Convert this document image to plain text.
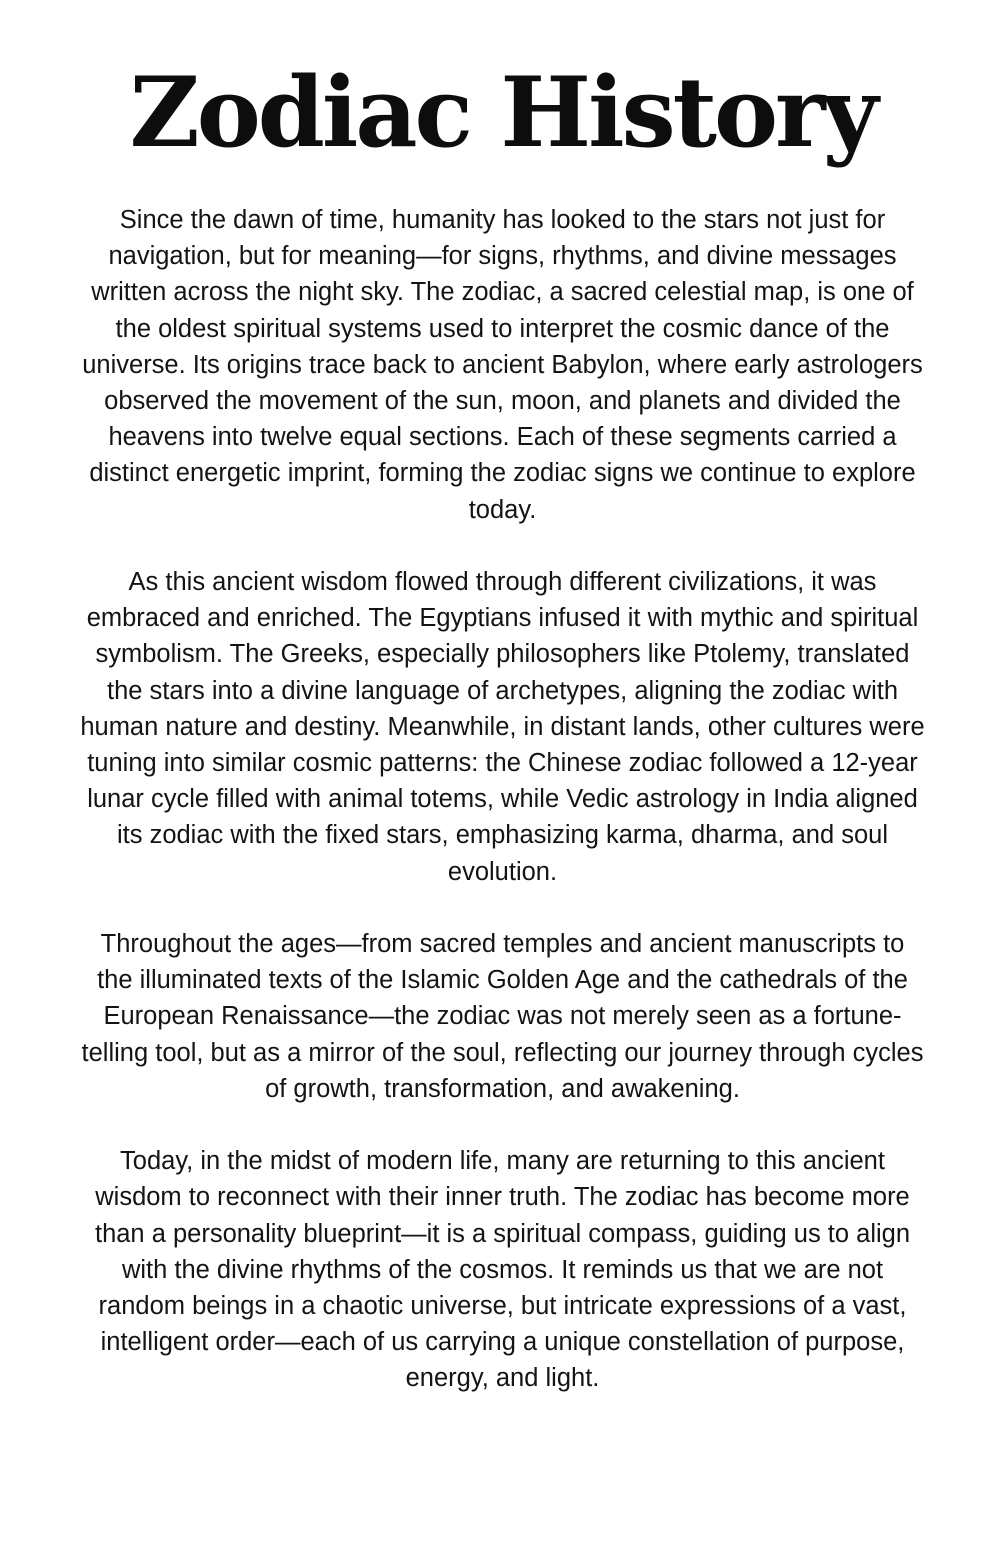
Zodiac History

Since the dawn of time, humanity has looked to the stars not just for navigation, but for meaning—for signs, rhythms, and divine messages written across the night sky. The zodiac, a sacred celestial map, is one of the oldest spiritual systems used to interpret the cosmic dance of the universe. Its origins trace back to ancient Babylon, where early astrologers observed the movement of the sun, moon, and planets and divided the heavens into twelve equal sections. Each of these segments carried a distinct energetic imprint, forming the zodiac signs we continue to explore today.

As this ancient wisdom flowed through different civilizations, it was embraced and enriched. The Egyptians infused it with mythic and spiritual symbolism. The Greeks, especially philosophers like Ptolemy, translated the stars into a divine language of archetypes, aligning the zodiac with human nature and destiny. Meanwhile, in distant lands, other cultures were tuning into similar cosmic patterns: the Chinese zodiac followed a 12-year lunar cycle filled with animal totems, while Vedic astrology in India aligned its zodiac with the fixed stars, emphasizing karma, dharma, and soul evolution.

Throughout the ages—from sacred temples and ancient manuscripts to the illuminated texts of the Islamic Golden Age and the cathedrals of the European Renaissance—the zodiac was not merely seen as a fortune-telling tool, but as a mirror of the soul, reflecting our journey through cycles of growth, transformation, and awakening.

Today, in the midst of modern life, many are returning to this ancient wisdom to reconnect with their inner truth. The zodiac has become more than a personality blueprint—it is a spiritual compass, guiding us to align with the divine rhythms of the cosmos. It reminds us that we are not random beings in a chaotic universe, but intricate expressions of a vast, intelligent order—each of us carrying a unique constellation of purpose, energy, and light.
